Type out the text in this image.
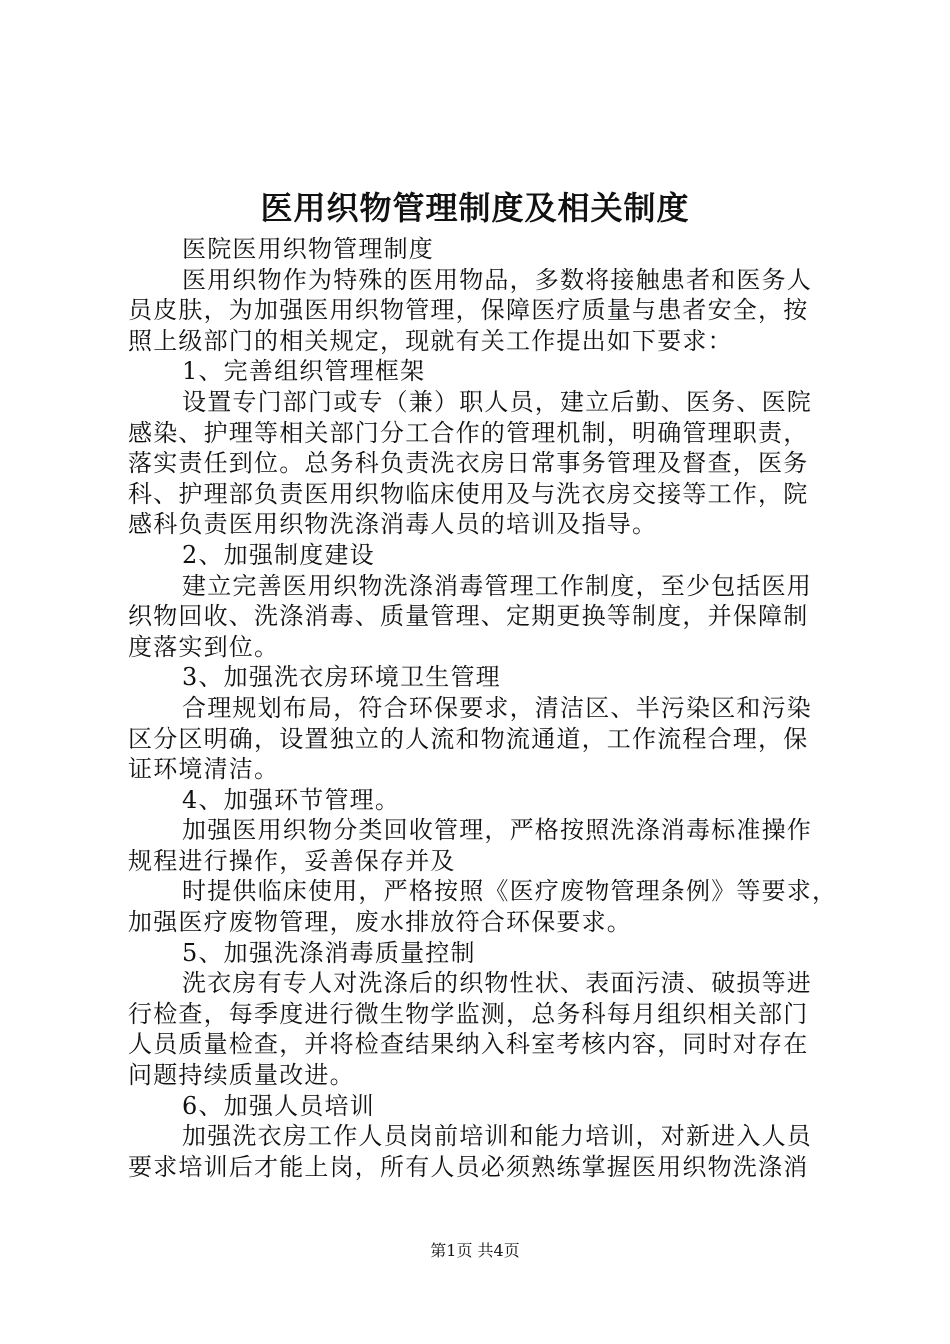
医用织物管理制度及相关制度
医院医用织物管理制度
医用织物作为特殊的医用物品，多数将接触患者和医务人
员皮肤，为加强医用织物管理，保障医疗质量与患者安全，按
照上级部门的相关规定，现就有关工作提出如下要求：
1、完善组织管理框架
设置专门部门或专（兼）职人员，建立后勤、医务、医院
感染、护理等相关部门分工合作的管理机制，明确管理职责，
落实责任到位。总务科负责洗衣房日常事务管理及督查，医务
科、护理部负责医用织物临床使用及与洗衣房交接等工作，院
感科负责医用织物洗涤消毒人员的培训及指导。
2、加强制度建设
建立完善医用织物洗涤消毒管理工作制度，至少包括医用
织物回收、洗涤消毒、质量管理、定期更换等制度，并保障制
度落实到位。
3、加强洗衣房环境卫生管理
合理规划布局，符合环保要求，清洁区、半污染区和污染
区分区明确，设置独立的人流和物流通道，工作流程合理，保
证环境清洁。
4、加强环节管理。
加强医用织物分类回收管理，严格按照洗涤消毒标准操作
规程进行操作，妥善保存并及
时提供临床使用，严格按照《医疗废物管理条例》等要求，
加强医疗废物管理，废水排放符合环保要求。
5、加强洗涤消毒质量控制
洗衣房有专人对洗涤后的织物性状、表面污渍、破损等进
行检查，每季度进行微生物学监测，总务科每月组织相关部门
人员质量检查，并将检查结果纳入科室考核内容，同时对存在
问题持续质量改进。
6、加强人员培训
加强洗衣房工作人员岗前培训和能力培训，对新进入人员
要求培训后才能上岗，所有人员必须熟练掌握医用织物洗涤消
第1页 共4页
